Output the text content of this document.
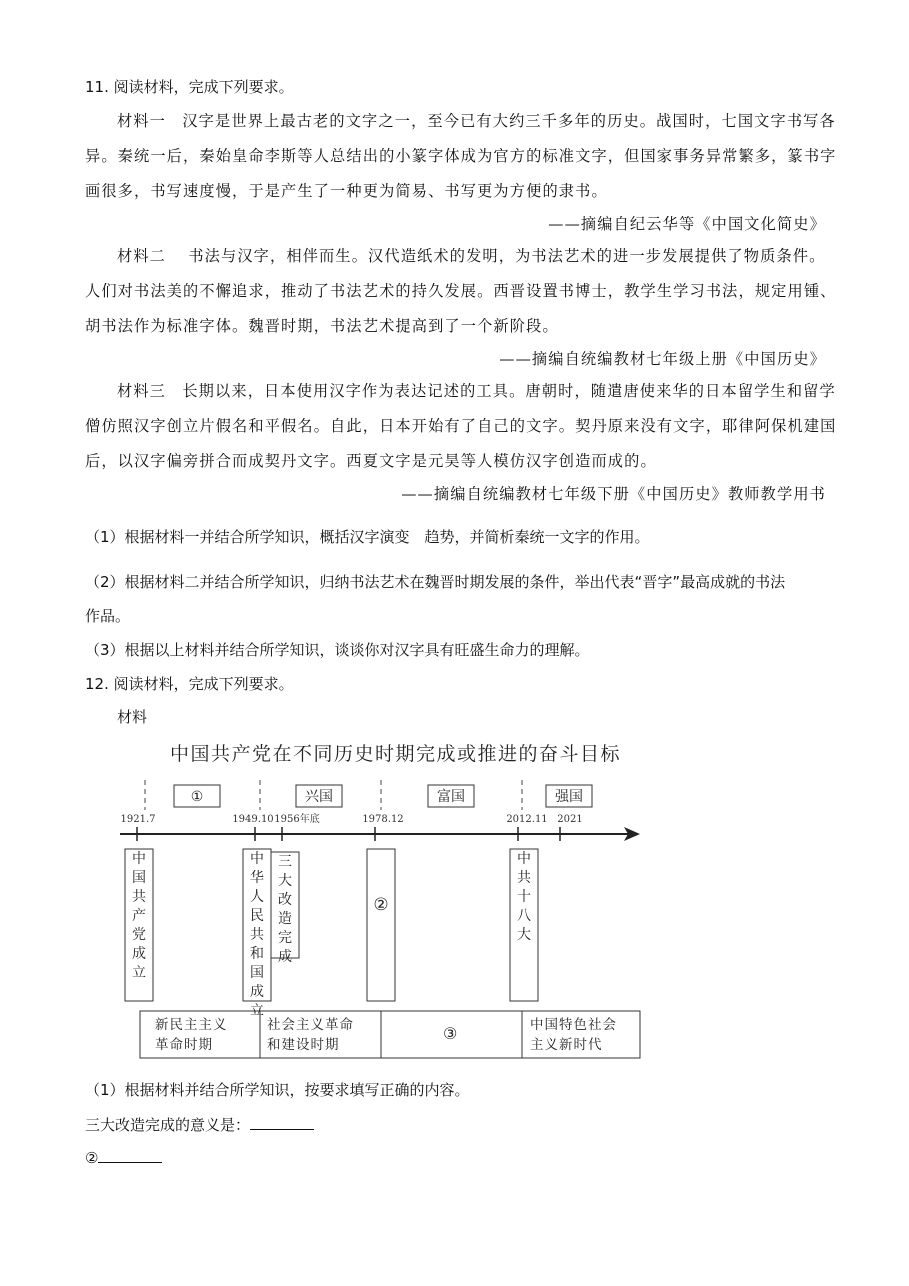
11. 阅读材料，完成下列要求。
材料一　汉字是世界上最古老的文字之一，至今已有大约三千多年的历史。战国时，七国文字书写各
异。秦统一后，秦始皇命李斯等人总结出的小篆字体成为官方的标准文字，但国家事务异常繁多，篆书字
画很多，书写速度慢，于是产生了一种更为简易、书写更为方便的隶书。
——摘编自纪云华等《中国文化简史》
材料二　 书法与汉字，相伴而生。汉代造纸术的发明，为书法艺术的进一步发展提供了物质条件。
人们对书法美的不懈追求，推动了书法艺术的持久发展。西晋设置书博士，教学生学习书法，规定用锺、
胡书法作为标准字体。魏晋时期，书法艺术提高到了一个新阶段。
——摘编自统编教材七年级上册《中国历史》
材料三　长期以来，日本使用汉字作为表达记述的工具。唐朝时，随遣唐使来华的日本留学生和留学
僧仿照汉字创立片假名和平假名。自此，日本开始有了自己的文字。契丹原来没有文字，耶律阿保机建国
后，以汉字偏旁拼合而成契丹文字。西夏文字是元昊等人模仿汉字创造而成的。
——摘编自统编教材七年级下册《中国历史》教师教学用书
（1）根据材料一并结合所学知识，概括汉字演变　趋势，并简析秦统一文字的作用。
（2）根据材料二并结合所学知识，归纳书法艺术在魏晋时期发展的条件，举出代表“晋字”最高成就的书法
作品。
（3）根据以上材料并结合所学知识，谈谈你对汉字具有旺盛生命力的理解。
12. 阅读材料，完成下列要求。
材料
中国共产党在不同历史时期完成或推进的奋斗目标
①	兴国	富国	强国
1921.7	1949.10 1956年底	1978.12	2012.11 2021
中国共产党成立
中华人民共和国成立
三大改造完成
②
中共十八大
新民主主义
革命时期
社会主义革命
和建设时期
③	中国特色社会
主义新时代
（1）根据材料并结合所学知识，按要求填写正确的内容。
三大改造完成的意义是：
②
